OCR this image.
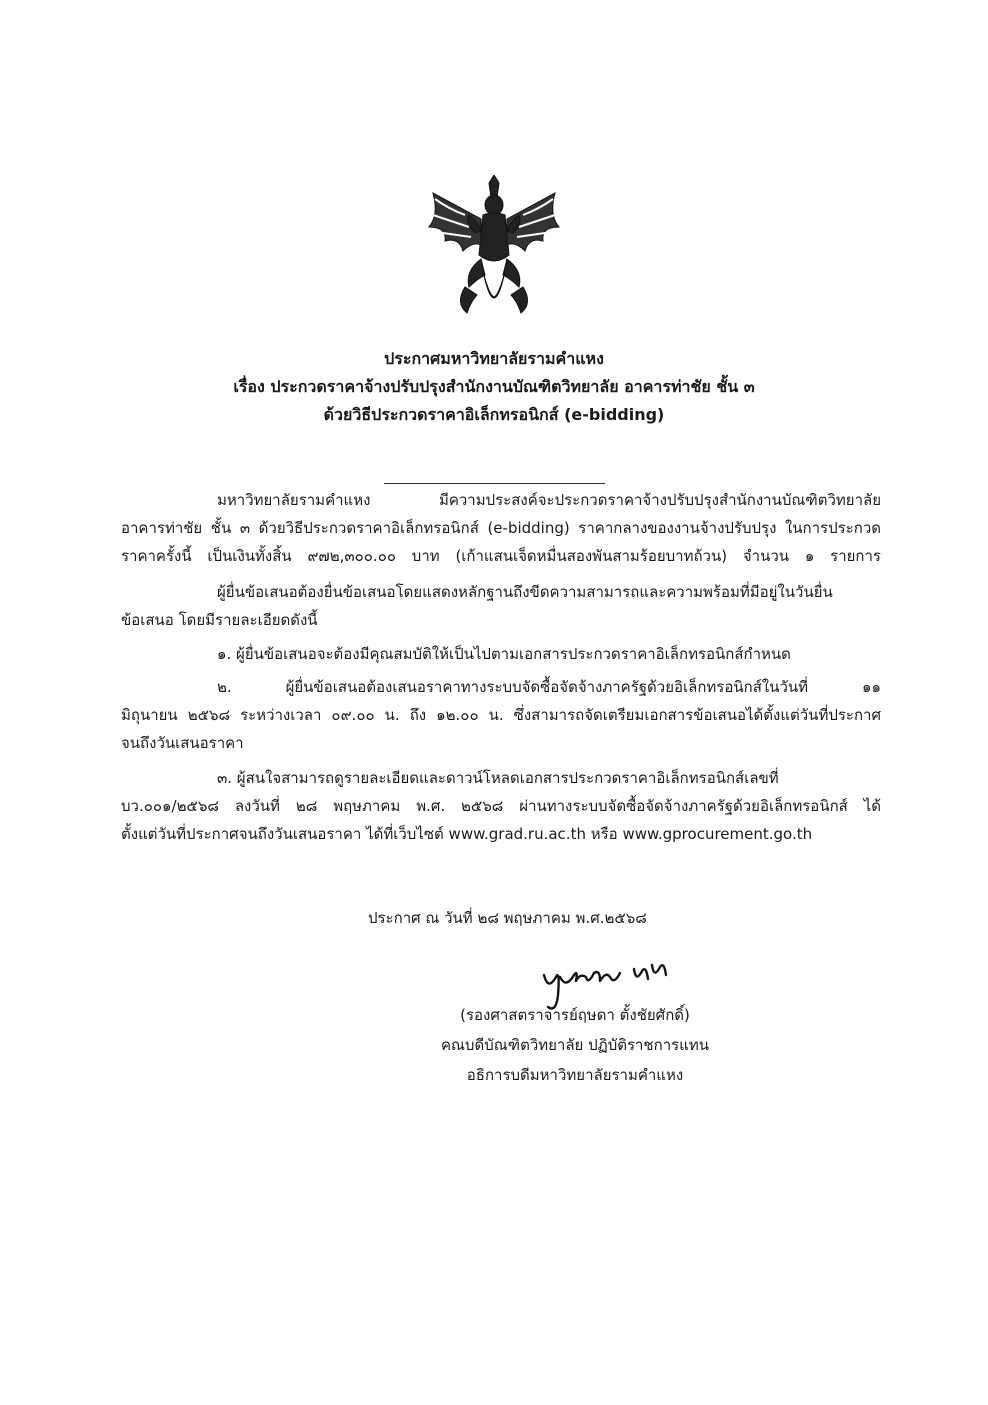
ประกาศมหาวิทยาลัยรามคำแหง
เรื่อง ประกวดราคาจ้างปรับปรุงสำนักงานบัณฑิตวิทยาลัย อาคารท่าชัย ชั้น ๓
ด้วยวิธีประกวดราคาอิเล็กทรอนิกส์ (e-bidding)
มหาวิทยาลัยรามคำแหง มีความประสงค์จะประกวดราคาจ้างปรับปรุงสำนักงานบัณฑิตวิทยาลัย
อาคารท่าชัย ชั้น ๓ ด้วยวิธีประกวดราคาอิเล็กทรอนิกส์ (e-bidding) ราคากลางของงานจ้างปรับปรุง ในการประกวด
ราคาครั้งนี้ เป็นเงินทั้งสิ้น ๙๗๒,๓๐๐.๐๐ บาท (เก้าแสนเจ็ดหมื่นสองพันสามร้อยบาทถ้วน) จำนวน ๑ รายการ
ผู้ยื่นข้อเสนอต้องยื่นข้อเสนอโดยแสดงหลักฐานถึงขีดความสามารถและความพร้อมที่มีอยู่ในวันยื่น
ข้อเสนอ โดยมีรายละเอียดดังนี้
๑. ผู้ยื่นข้อเสนอจะต้องมีคุณสมบัติให้เป็นไปตามเอกสารประกวดราคาอิเล็กทรอนิกส์กำหนด
๒. ผู้ยื่นข้อเสนอต้องเสนอราคาทางระบบจัดซื้อจัดจ้างภาครัฐด้วยอิเล็กทรอนิกส์ในวันที่ ๑๑
มิถุนายน ๒๕๖๘ ระหว่างเวลา ๐๙.๐๐ น. ถึง ๑๒.๐๐ น. ซึ่งสามารถจัดเตรียมเอกสารข้อเสนอได้ตั้งแต่วันที่ประกาศ
จนถึงวันเสนอราคา
๓. ผู้สนใจสามารถดูรายละเอียดและดาวน์โหลดเอกสารประกวดราคาอิเล็กทรอนิกส์เลขที่
บว.๐๐๑/๒๕๖๘ ลงวันที่ ๒๘ พฤษภาคม พ.ศ. ๒๕๖๘ ผ่านทางระบบจัดซื้อจัดจ้างภาครัฐด้วยอิเล็กทรอนิกส์ ได้
ตั้งแต่วันที่ประกาศจนถึงวันเสนอราคา ได้ที่เว็บไซต์ www.grad.ru.ac.th หรือ www.gprocurement.go.th
ประกาศ ณ วันที่ ๒๘ พฤษภาคม พ.ศ.๒๕๖๘
(รองศาสตราจารย์ฤษดา ตั้งชัยศักดิ์)
คณบดีบัณฑิตวิทยาลัย ปฏิบัติราชการแทน
อธิการบดีมหาวิทยาลัยรามคำแหง
